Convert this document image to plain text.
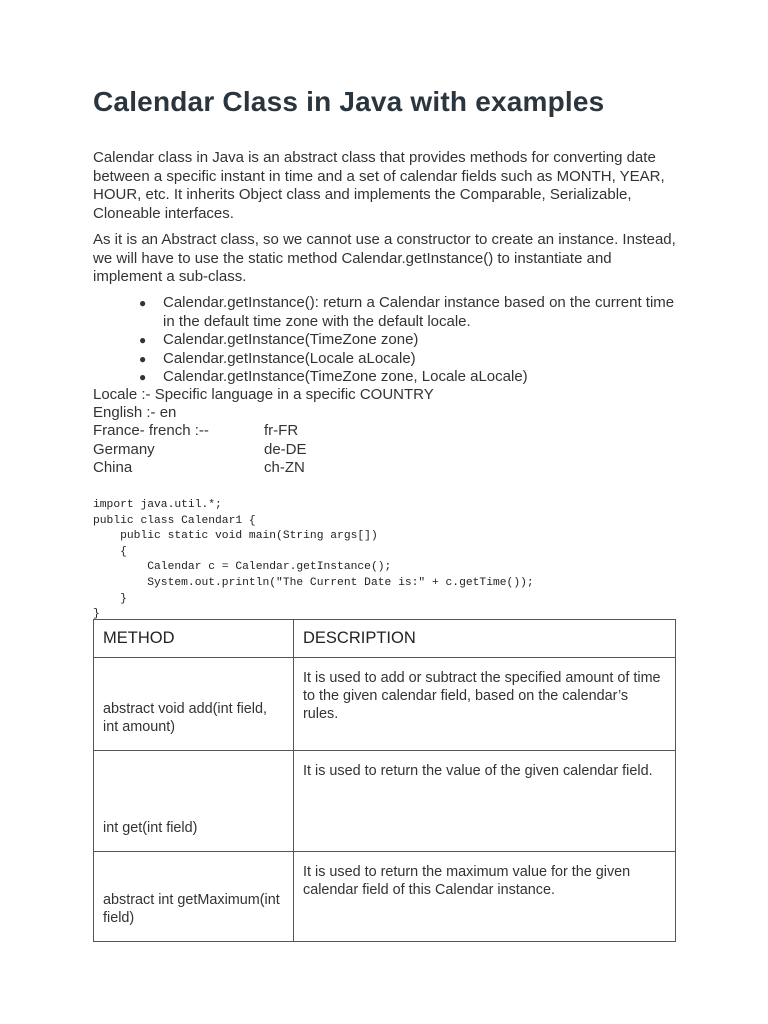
Calendar Class in Java with examples

Calendar class in Java is an abstract class that provides methods for converting date between a specific instant in time and a set of calendar fields such as MONTH, YEAR, HOUR, etc. It inherits Object class and implements the Comparable, Serializable, Cloneable interfaces.

As it is an Abstract class, so we cannot use a constructor to create an instance. Instead, we will have to use the static method Calendar.getInstance() to instantiate and implement a sub-class.

● Calendar.getInstance(): return a Calendar instance based on the current time in the default time zone with the default locale.
● Calendar.getInstance(TimeZone zone)
● Calendar.getInstance(Locale aLocale)
● Calendar.getInstance(TimeZone zone, Locale aLocale)
Locale :- Specific language in a specific COUNTRY
English :- en
France- french :--	fr-FR
Germany	de-DE
China	ch-ZN
import java.util.*;
public class Calendar1 {
public static void main(String args[])
{
Calendar c = Calendar.getInstance();
System.out.println("The Current Date is:" + c.getTime());
}
}
METHOD	DESCRIPTION
abstract void add(int field, int amount)	It is used to add or subtract the specified amount of time to the given calendar field, based on the calendar’s rules.
int get(int field)	It is used to return the value of the given calendar field.
abstract int getMaximum(int field)	It is used to return the maximum value for the given calendar field of this Calendar instance.
